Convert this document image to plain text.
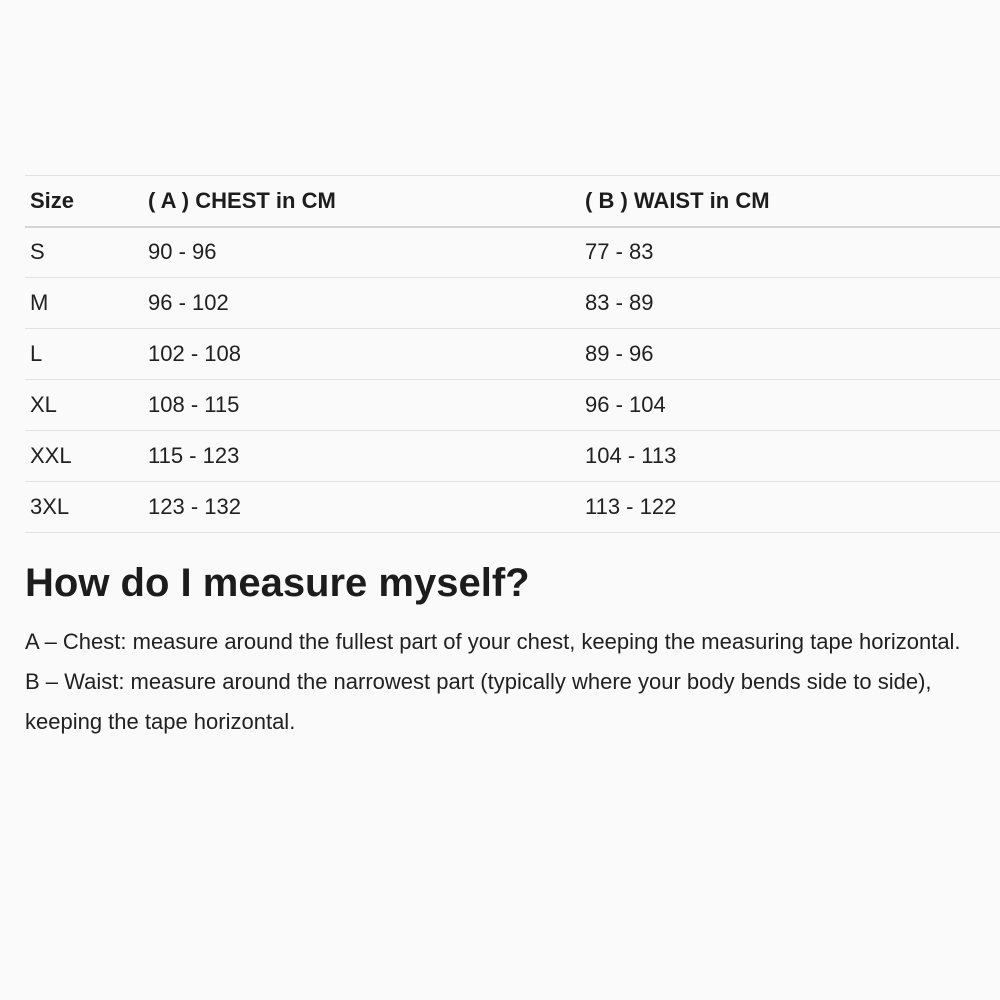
Size	( A ) CHEST in CM	( B ) WAIST in CM
S	90 - 96	77 - 83
M	96 - 102	83 - 89
L	102 - 108	89 - 96
XL	108 - 115	96 - 104
XXL	115 - 123	104 - 113
3XL	123 - 132	113 - 122
How do I measure myself?

A – Chest: measure around the fullest part of your chest, keeping the measuring tape horizontal.

B – Waist: measure around the narrowest part (typically where your body bends side to side), keeping the tape horizontal.
